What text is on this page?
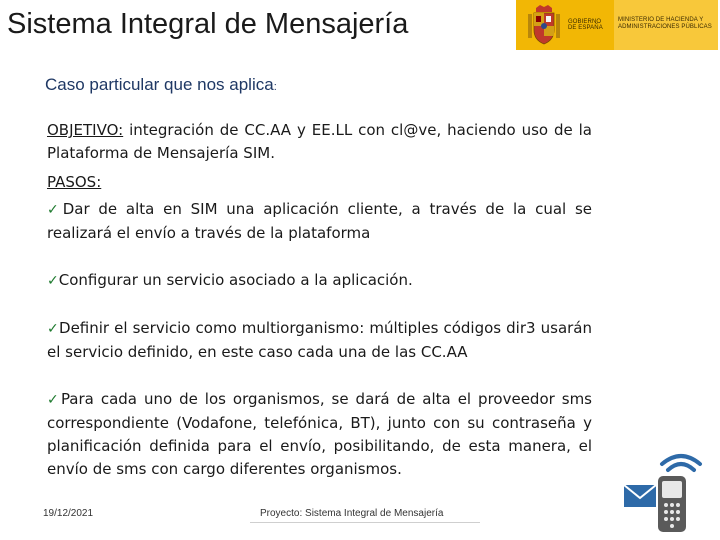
Sistema Integral de Mensajería	GOBIERNO DE ESPAÑA
MINISTERIO DE HACIENDA Y ADMINISTRACIONES PÚBLICAS
Caso particular que nos aplica:

OBJETIVO: integración de CC.AA y EE.LL con cl@ve, haciendo uso de la Plataforma de Mensajería SIM.

PASOS:

✓Dar de alta en SIM una aplicación cliente, a través de la cual se realizará el envío a través de la plataforma

✓Configurar un servicio asociado a la aplicación.

✓Definir el servicio como multiorganismo: múltiples códigos dir3 usarán el servicio definido, en este caso cada una de las CC.AA

✓Para cada uno de los organismos, se dará de alta el proveedor sms correspondiente (Vodafone, telefónica, BT), junto con su contraseña y planificación definida para el envío, posibilitando, de esta manera, el envío de sms con cargo diferentes organismos.

19/12/2021	Proyecto: Sistema Integral de Mensajería
